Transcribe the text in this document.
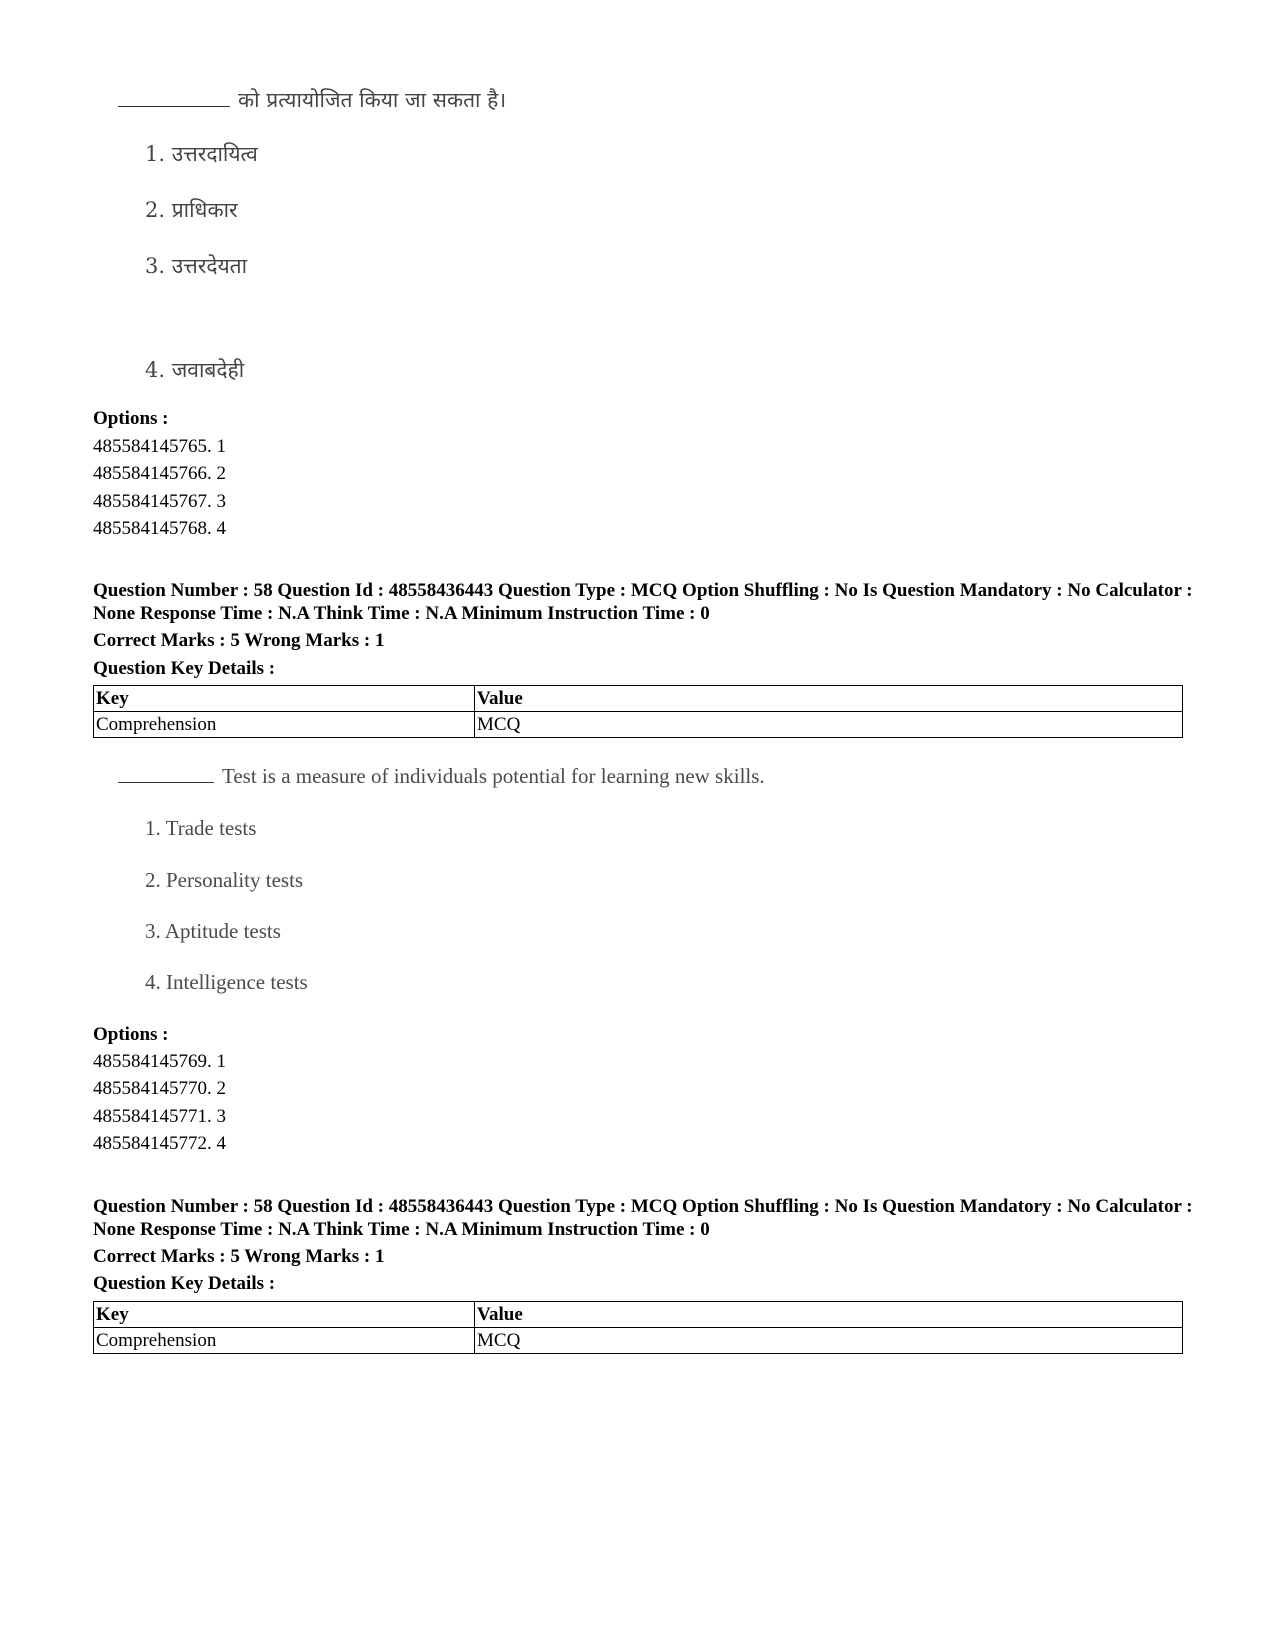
को प्रत्यायोजित किया जा सकता है।
1. उत्तरदायित्व
2. प्राधिकार
3. उत्तरदेयता
4. जवाबदेही
Options :
485584145765. 1
485584145766. 2
485584145767. 3
485584145768. 4
Question Number : 58 Question Id : 48558436443 Question Type : MCQ Option Shuffling : No Is Question Mandatory : No Calculator : None Response Time : N.A Think Time : N.A Minimum Instruction Time : 0
Correct Marks : 5 Wrong Marks : 1
Question Key Details :
Key	Value
Comprehension	MCQ
Test is a measure of individuals potential for learning new skills.
1. Trade tests
2. Personality tests
3. Aptitude tests
4. Intelligence tests
Options :
485584145769. 1
485584145770. 2
485584145771. 3
485584145772. 4
Question Number : 58 Question Id : 48558436443 Question Type : MCQ Option Shuffling : No Is Question Mandatory : No Calculator : None Response Time : N.A Think Time : N.A Minimum Instruction Time : 0
Correct Marks : 5 Wrong Marks : 1
Question Key Details :
Key	Value
Comprehension	MCQ
